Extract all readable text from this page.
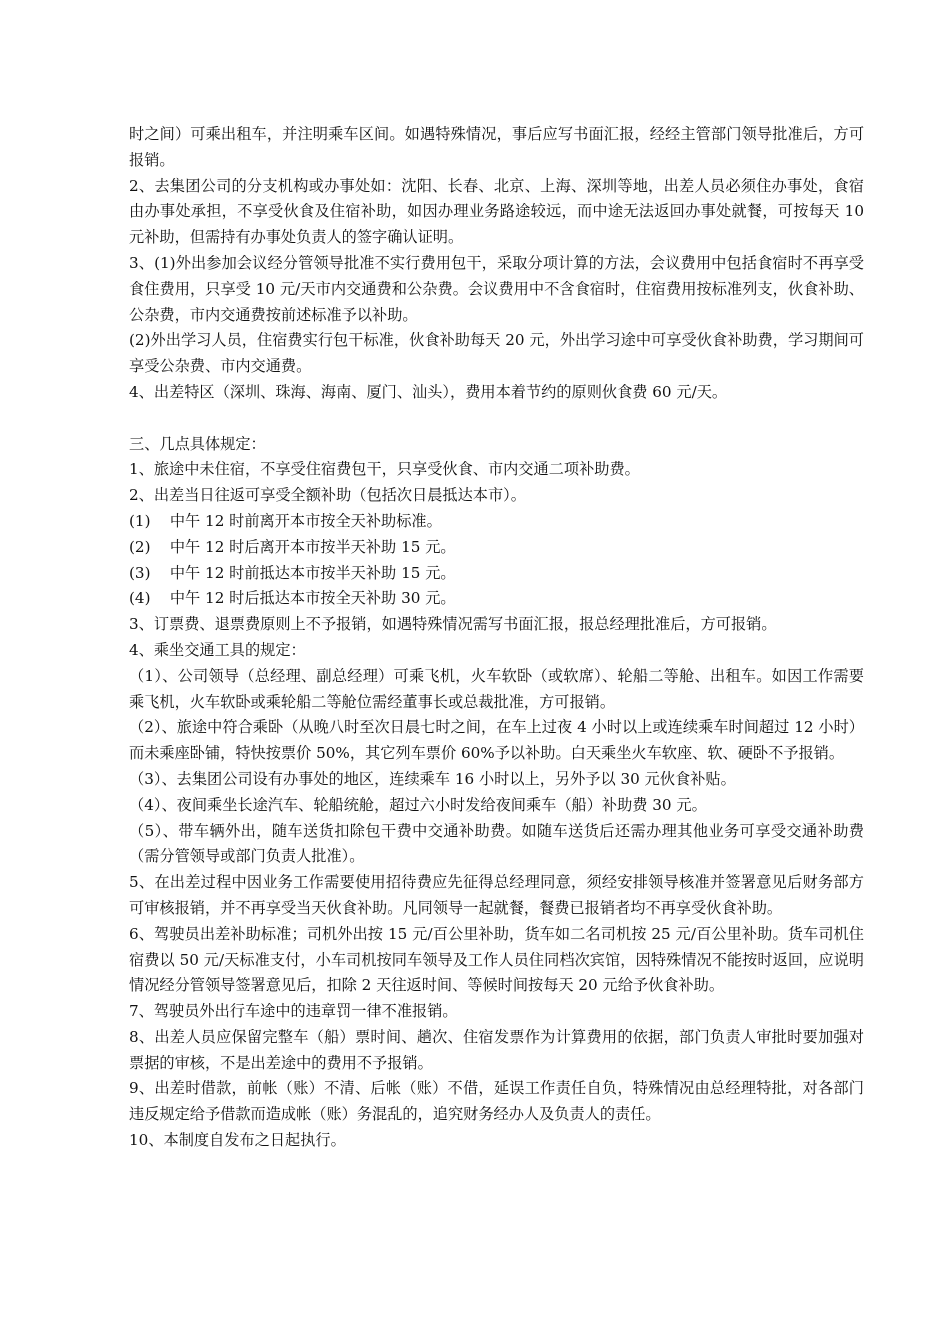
时之间）可乘出租车，并注明乘车区间。如遇特殊情况，事后应写书面汇报，经经主管部门领导批准后，方可报销。

2、去集团公司的分支机构或办事处如：沈阳、长春、北京、上海、深圳等地，出差人员必须住办事处，食宿由办事处承担，不享受伙食及住宿补助，如因办理业务路途较远，而中途无法返回办事处就餐，可按每天 10 元补助，但需持有办事处负责人的签字确认证明。

3、(1)外出参加会议经分管领导批准不实行费用包干，采取分项计算的方法，会议费用中包括食宿时不再享受食住费用，只享受 10 元/天市内交通费和公杂费。会议费用中不含食宿时，住宿费用按标准列支，伙食补助、公杂费，市内交通费按前述标准予以补助。

(2)外出学习人员，住宿费实行包干标准，伙食补助每天 20 元，外出学习途中可享受伙食补助费，学习期间可享受公杂费、市内交通费。

4、出差特区（深圳、珠海、海南、厦门、汕头），费用本着节约的原则伙食费 60 元/天。

三、几点具体规定：

1、旅途中未住宿，不享受住宿费包干，只享受伙食、市内交通二项补助费。

2、出差当日往返可享受全额补助（包括次日晨抵达本市）。

(1)    中午 12 时前离开本市按全天补助标准。

(2)    中午 12 时后离开本市按半天补助 15 元。

(3)    中午 12 时前抵达本市按半天补助 15 元。

(4)    中午 12 时后抵达本市按全天补助 30 元。

3、订票费、退票费原则上不予报销，如遇特殊情况需写书面汇报，报总经理批准后，方可报销。

4、乘坐交通工具的规定：

（1）、公司领导（总经理、副总经理）可乘飞机，火车软卧（或软席）、轮船二等舱、出租车。如因工作需要乘飞机，火车软卧或乘轮船二等舱位需经董事长或总裁批准，方可报销。

（2）、旅途中符合乘卧（从晚八时至次日晨七时之间，在车上过夜 4 小时以上或连续乘车时间超过 12 小时）而未乘座卧铺，特快按票价 50%，其它列车票价 60%予以补助。白天乘坐火车软座、软、硬卧不予报销。

（3）、去集团公司设有办事处的地区，连续乘车 16 小时以上，另外予以 30 元伙食补贴。

（4）、夜间乘坐长途汽车、轮船统舱，超过六小时发给夜间乘车（船）补助费 30 元。

（5）、带车辆外出，随车送货扣除包干费中交通补助费。如随车送货后还需办理其他业务可享受交通补助费（需分管领导或部门负责人批准）。

5、在出差过程中因业务工作需要使用招待费应先征得总经理同意，须经安排领导核准并签署意见后财务部方可审核报销，并不再享受当天伙食补助。凡同领导一起就餐，餐费已报销者均不再享受伙食补助。

6、驾驶员出差补助标准；司机外出按 15 元/百公里补助，货车如二名司机按 25 元/百公里补助。货车司机住宿费以 50 元/天标准支付，小车司机按同车领导及工作人员住同档次宾馆，因特殊情况不能按时返回，应说明情况经分管领导签署意见后，扣除 2 天往返时间、等候时间按每天 20 元给予伙食补助。

7、驾驶员外出行车途中的违章罚一律不准报销。

8、出差人员应保留完整车（船）票时间、趟次、住宿发票作为计算费用的依据，部门负责人审批时要加强对票据的审核，不是出差途中的费用不予报销。

9、出差时借款，前帐（账）不清、后帐（账）不借，延误工作责任自负，特殊情况由总经理特批，对各部门违反规定给予借款而造成帐（账）务混乱的，追究财务经办人及负责人的责任。

10、本制度自发布之日起执行。
